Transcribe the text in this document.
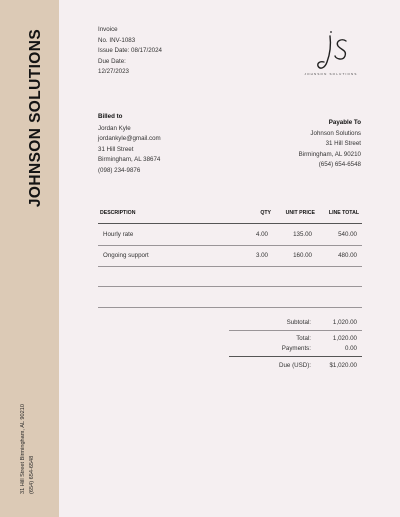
JOHNSON SOLUTIONS
31 Hill Street Birmingham, AL 90210 (654) 654-6548
Invoice
No. INV-1083
Issue Date: 08/17/2024
Due Date:
12/27/2023	JOHNSON SOLUTIONS
Billed to
Jordan Kyle
jordankyle@gmail.com
31 Hill Street
Birmingham, AL 38674
(098) 234-9876
Payable To
Johnson Solutions
31 Hill Street
Birmingham, AL 90210
(654) 654-6548
DESCRIPTION	QTY	UNIT PRICE	LINE TOTAL
Hourly rate	4.00	135.00	540.00
Ongoing support	3.00	160.00	480.00
Subtotal:	1,020.00
Total:	1,020.00
Payments:	0.00
Due (USD):	$1,020.00
